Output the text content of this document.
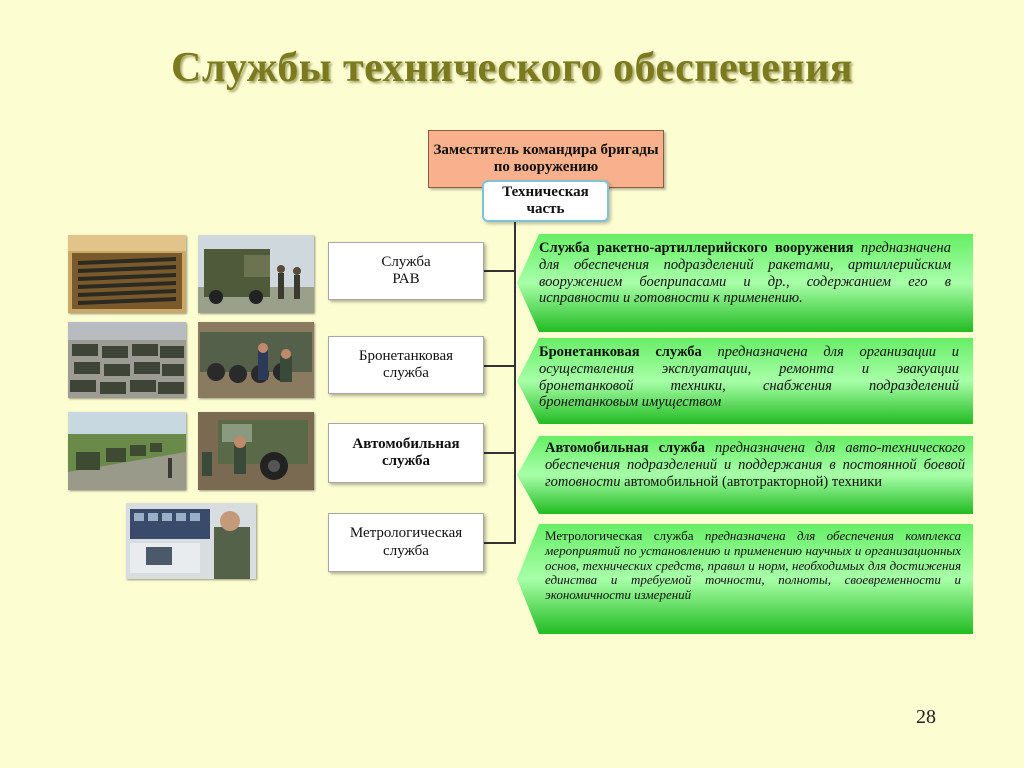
Службы технического обеспечения
Заместитель командира бригады по вооружению
Техническая часть
Служба РАВ
Бронетанковая служба
Автомобильная служба
Метрологическая служба
Служба ракетно-артиллерийского вооружения предназначена для обеспечения подразделений ракетами, артиллерийским вооружением боеприпасами и др., содержанием его в исправности и готовности к применению.
Бронетанковая служба предназначена для организации и осуществления эксплуатации, ремонта и эвакуации бронетанковой техники, снабжения подразделений бронетанковым имуществом
Автомобильная служба предназначена для авто-технического обеспечения подразделений и поддержания в постоянной боевой готовности автомобильной (автотракторной) техники
Метрологическая служба предназначена для обеспечения комплекса мероприятий по установлению и применению научных и организационных основ, технических средств, правил и норм, необходимых для достижения единства и требуемой точности, полноты, своевременности и экономичности измерений
28
